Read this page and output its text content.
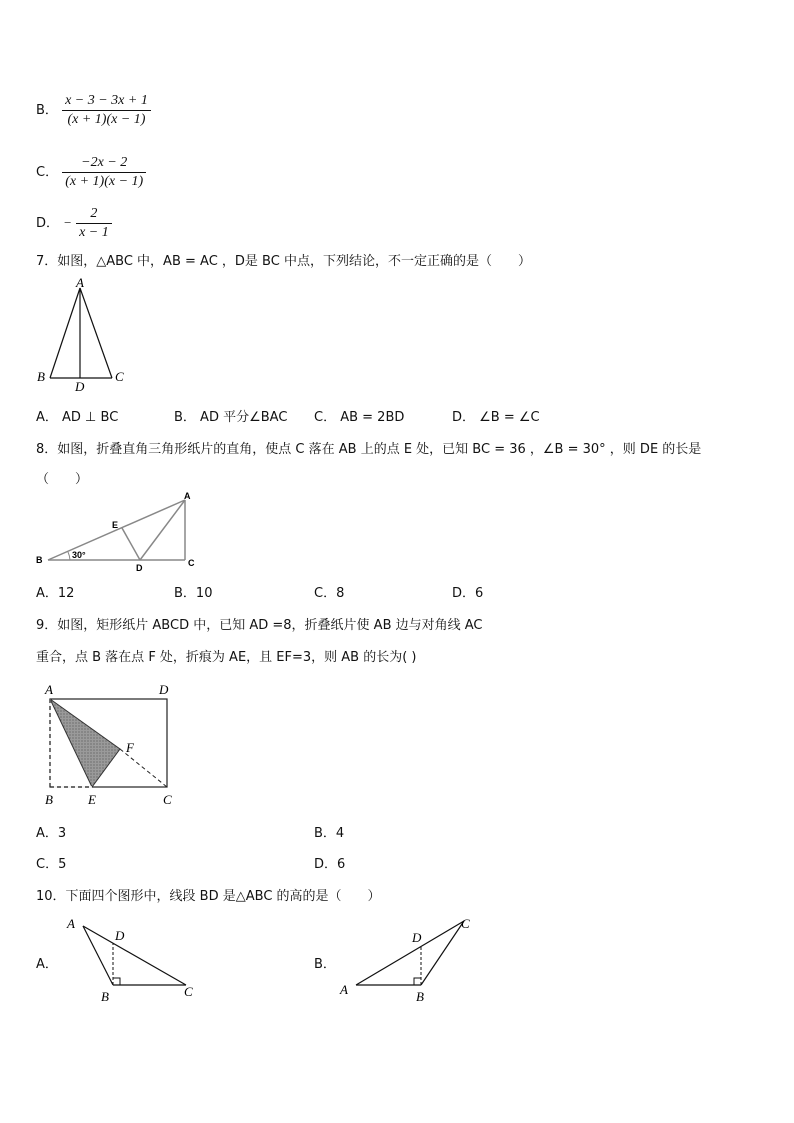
B． $\frac{x - 3 - 3x + 1}{(x + 1)(x - 1)}$
C． $\frac{-2x - 2}{(x + 1)(x - 1)}$
D． − $\frac{2}{x - 1}$
7．如图，△ABC 中，AB = AC ，D是 BC 中点，下列结论，不一定正确的是（　　）
A
B	C
D
A． AD ⊥ BC	B． AD 平分∠BAC C． AB = 2BD	D． ∠B = ∠C
8．如图，折叠直角三角形纸片的直角，使点 C 落在 AB 上的点 E 处，已知 BC = 36 ，∠B = 30° ，则 DE 的长是
（　　）
30°
B
A
C
D
E
A．12	B．10	C．8	D．6
9．如图，矩形纸片 ABCD 中，已知 AD =8，折叠纸片使 AB 边与对角线 AC
重合，点 B 落在点 F 处，折痕为 AE，且 EF=3，则 AB 的长为( )
A	D
B	E	C
F
A．3	B．4
C．5	D．6
10．下面四个图形中，线段 BD 是△ABC 的高的是（　　）
A．
A
D
B	C
B．
A
D
B
C
